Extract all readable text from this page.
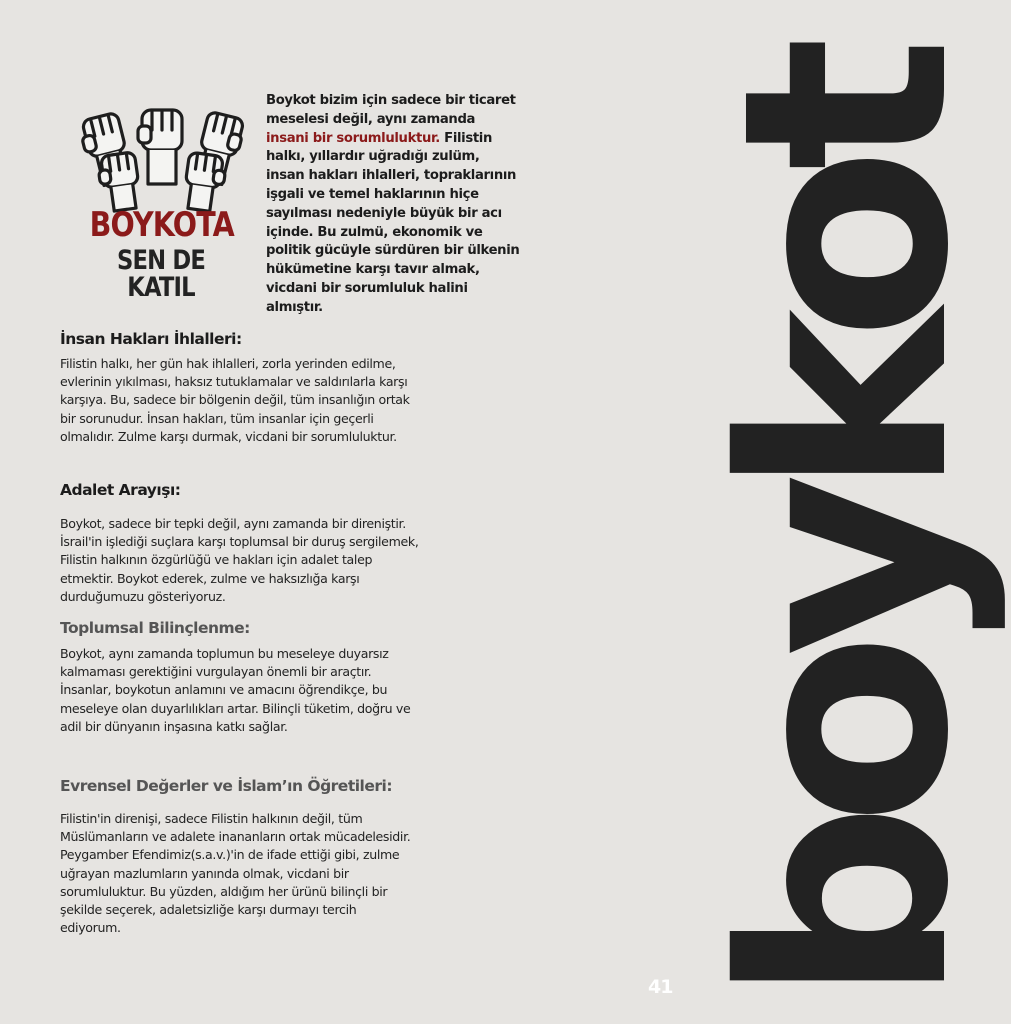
BOYKOTA
SEN DE KATIL

Boykot bizim için sadece bir ticaret meselesi değil, aynı zamanda insani bir sorumluluktur. Filistin halkı, yıllardır uğradığı zulüm, insan hakları ihlalleri, topraklarının işgali ve temel haklarının hiçe sayılması nedeniyle büyük bir acı içinde. Bu zulmü, ekonomik ve politik gücüyle sürdüren bir ülkenin hükümetine karşı tavır almak, vicdani bir sorumluluk halini almıştır.	boykot
41
İnsan Hakları İhlalleri:

Filistin halkı, her gün hak ihlalleri, zorla yerinden edilme, evlerinin yıkılması, haksız tutuklamalar ve saldırılarla karşı karşıya. Bu, sadece bir bölgenin değil, tüm insanlığın ortak bir sorunudur. İnsan hakları, tüm insanlar için geçerli olmalıdır. Zulme karşı durmak, vicdani bir sorumluluktur.

Adalet Arayışı:

Boykot, sadece bir tepki değil, aynı zamanda bir direniştir. İsrail'in işlediği suçlara karşı toplumsal bir duruş sergilemek, Filistin halkının özgürlüğü ve hakları için adalet talep etmektir. Boykot ederek, zulme ve haksızlığa karşı durduğumuzu gösteriyoruz.

Toplumsal Bilinçlenme:

Boykot, aynı zamanda toplumun bu meseleye duyarsız kalmaması gerektiğini vurgulayan önemli bir araçtır. İnsanlar, boykotun anlamını ve amacını öğrendikçe, bu meseleye olan duyarlılıkları artar. Bilinçli tüketim, doğru ve adil bir dünyanın inşasına katkı sağlar.

Evrensel Değerler ve İslam’ın Öğretileri:

Filistin'in direnişi, sadece Filistin halkının değil, tüm Müslümanların ve adalete inananların ortak mücadelesidir. Peygamber Efendimiz(s.a.v.)'in de ifade ettiği gibi, zulme uğrayan mazlumların yanında olmak, vicdani bir sorumluluktur. Bu yüzden, aldığım her ürünü bilinçli bir şekilde seçerek, adaletsizliğe karşı durmayı tercih ediyorum.
